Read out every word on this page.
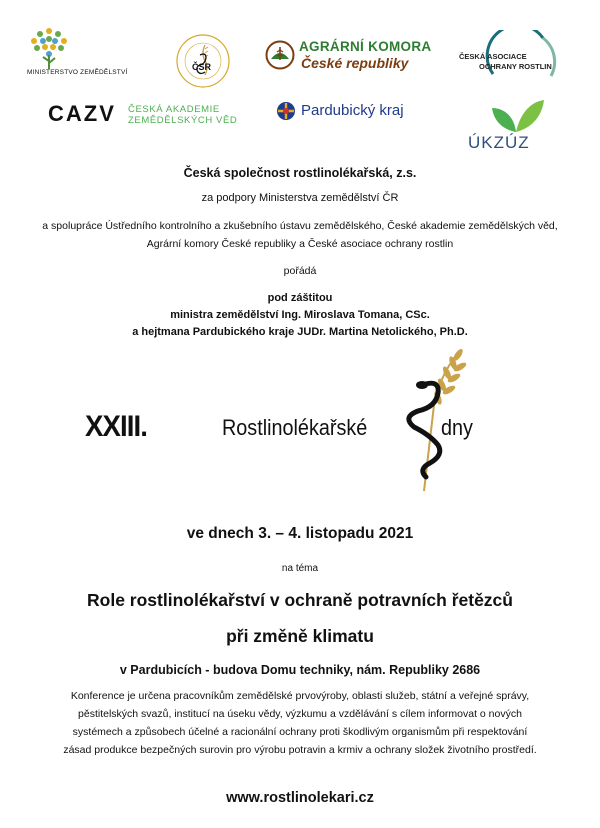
MINISTERSTVO ZEMĚDĚLSTVÍ
ČSR
AGRÁRNÍ KOMORA
České republiky	ČESKÁ ASOCIACE
OCHRANY ROSTLIN
CAZV ČESKÁ AKADEMIE
ZEMĚDĚLSKÝCH VĚD
Pardubický kraj
ÚKZÚZ
Česká společnost rostlinolékařská, z.s.
za podpory Ministerstva zemědělství ČR
a spolupráce Ústředního kontrolního a zkušebního ústavu zemědělského, České akademie zemědělských věd,
Agrární komory České republiky a České asociace ochrany rostlin
pořádá
pod záštitou
ministra zemědělství Ing. Miroslava Tomana, CSc.
a hejtmana Pardubického kraje JUDr. Martina Netolického, Ph.D.
XXIII.	Rostlinolékařské	dny
ve dnech 3. – 4. listopadu 2021
na téma
Role rostlinolékařství v ochraně potravních řetězců
při změně klimatu
v Pardubicích - budova Domu techniky, nám. Republiky 2686
Konference je určena pracovníkům zemědělské prvovýroby, oblasti služeb, státní a veřejné správy,
pěstitelských svazů, institucí na úseku vědy, výzkumu a vzdělávání s cílem informovat o nových
systémech a způsobech účelné a racionální ochrany proti škodlivým organismům při respektování
zásad produkce bezpečných surovin pro výrobu potravin a krmiv a ochrany složek životního prostředí.
www.rostlinolekari.cz
